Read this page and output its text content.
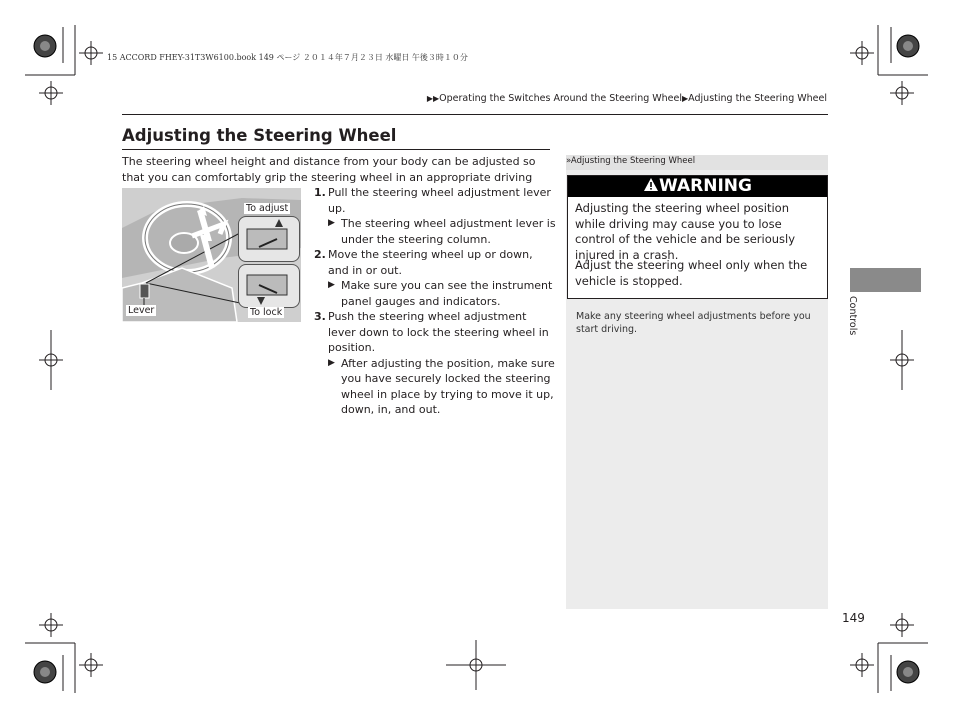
15 ACCORD FHEY-31T3W6100.book 149 ページ ２０１４年７月２３日 水曜日 午後３時１０分
▶▶Operating the Switches Around the Steering Wheel▶Adjusting the Steering Wheel
Adjusting the Steering Wheel
The steering wheel height and distance from your body can be adjusted so that you can comfortably grip the steering wheel in an appropriate driving
To adjust
To lock
Lever
1. Pull the steering wheel adjustment lever up.
▶ The steering wheel adjustment lever is under the steering column.
2. Move the steering wheel up or down, and in or out.
▶ Make sure you can see the instrument panel gauges and indicators.
3. Push the steering wheel adjustment lever down to lock the steering wheel in position.
▶ After adjusting the position, make sure you have securely locked the steering wheel in place by trying to move it up, down, in, and out.
»Adjusting the Steering Wheel
WARNING
Adjusting the steering wheel position while driving may cause you to lose control of the vehicle and be seriously injured in a crash.
Adjust the steering wheel only when the vehicle is stopped.
Make any steering wheel adjustments before you start driving.	Controls
149
